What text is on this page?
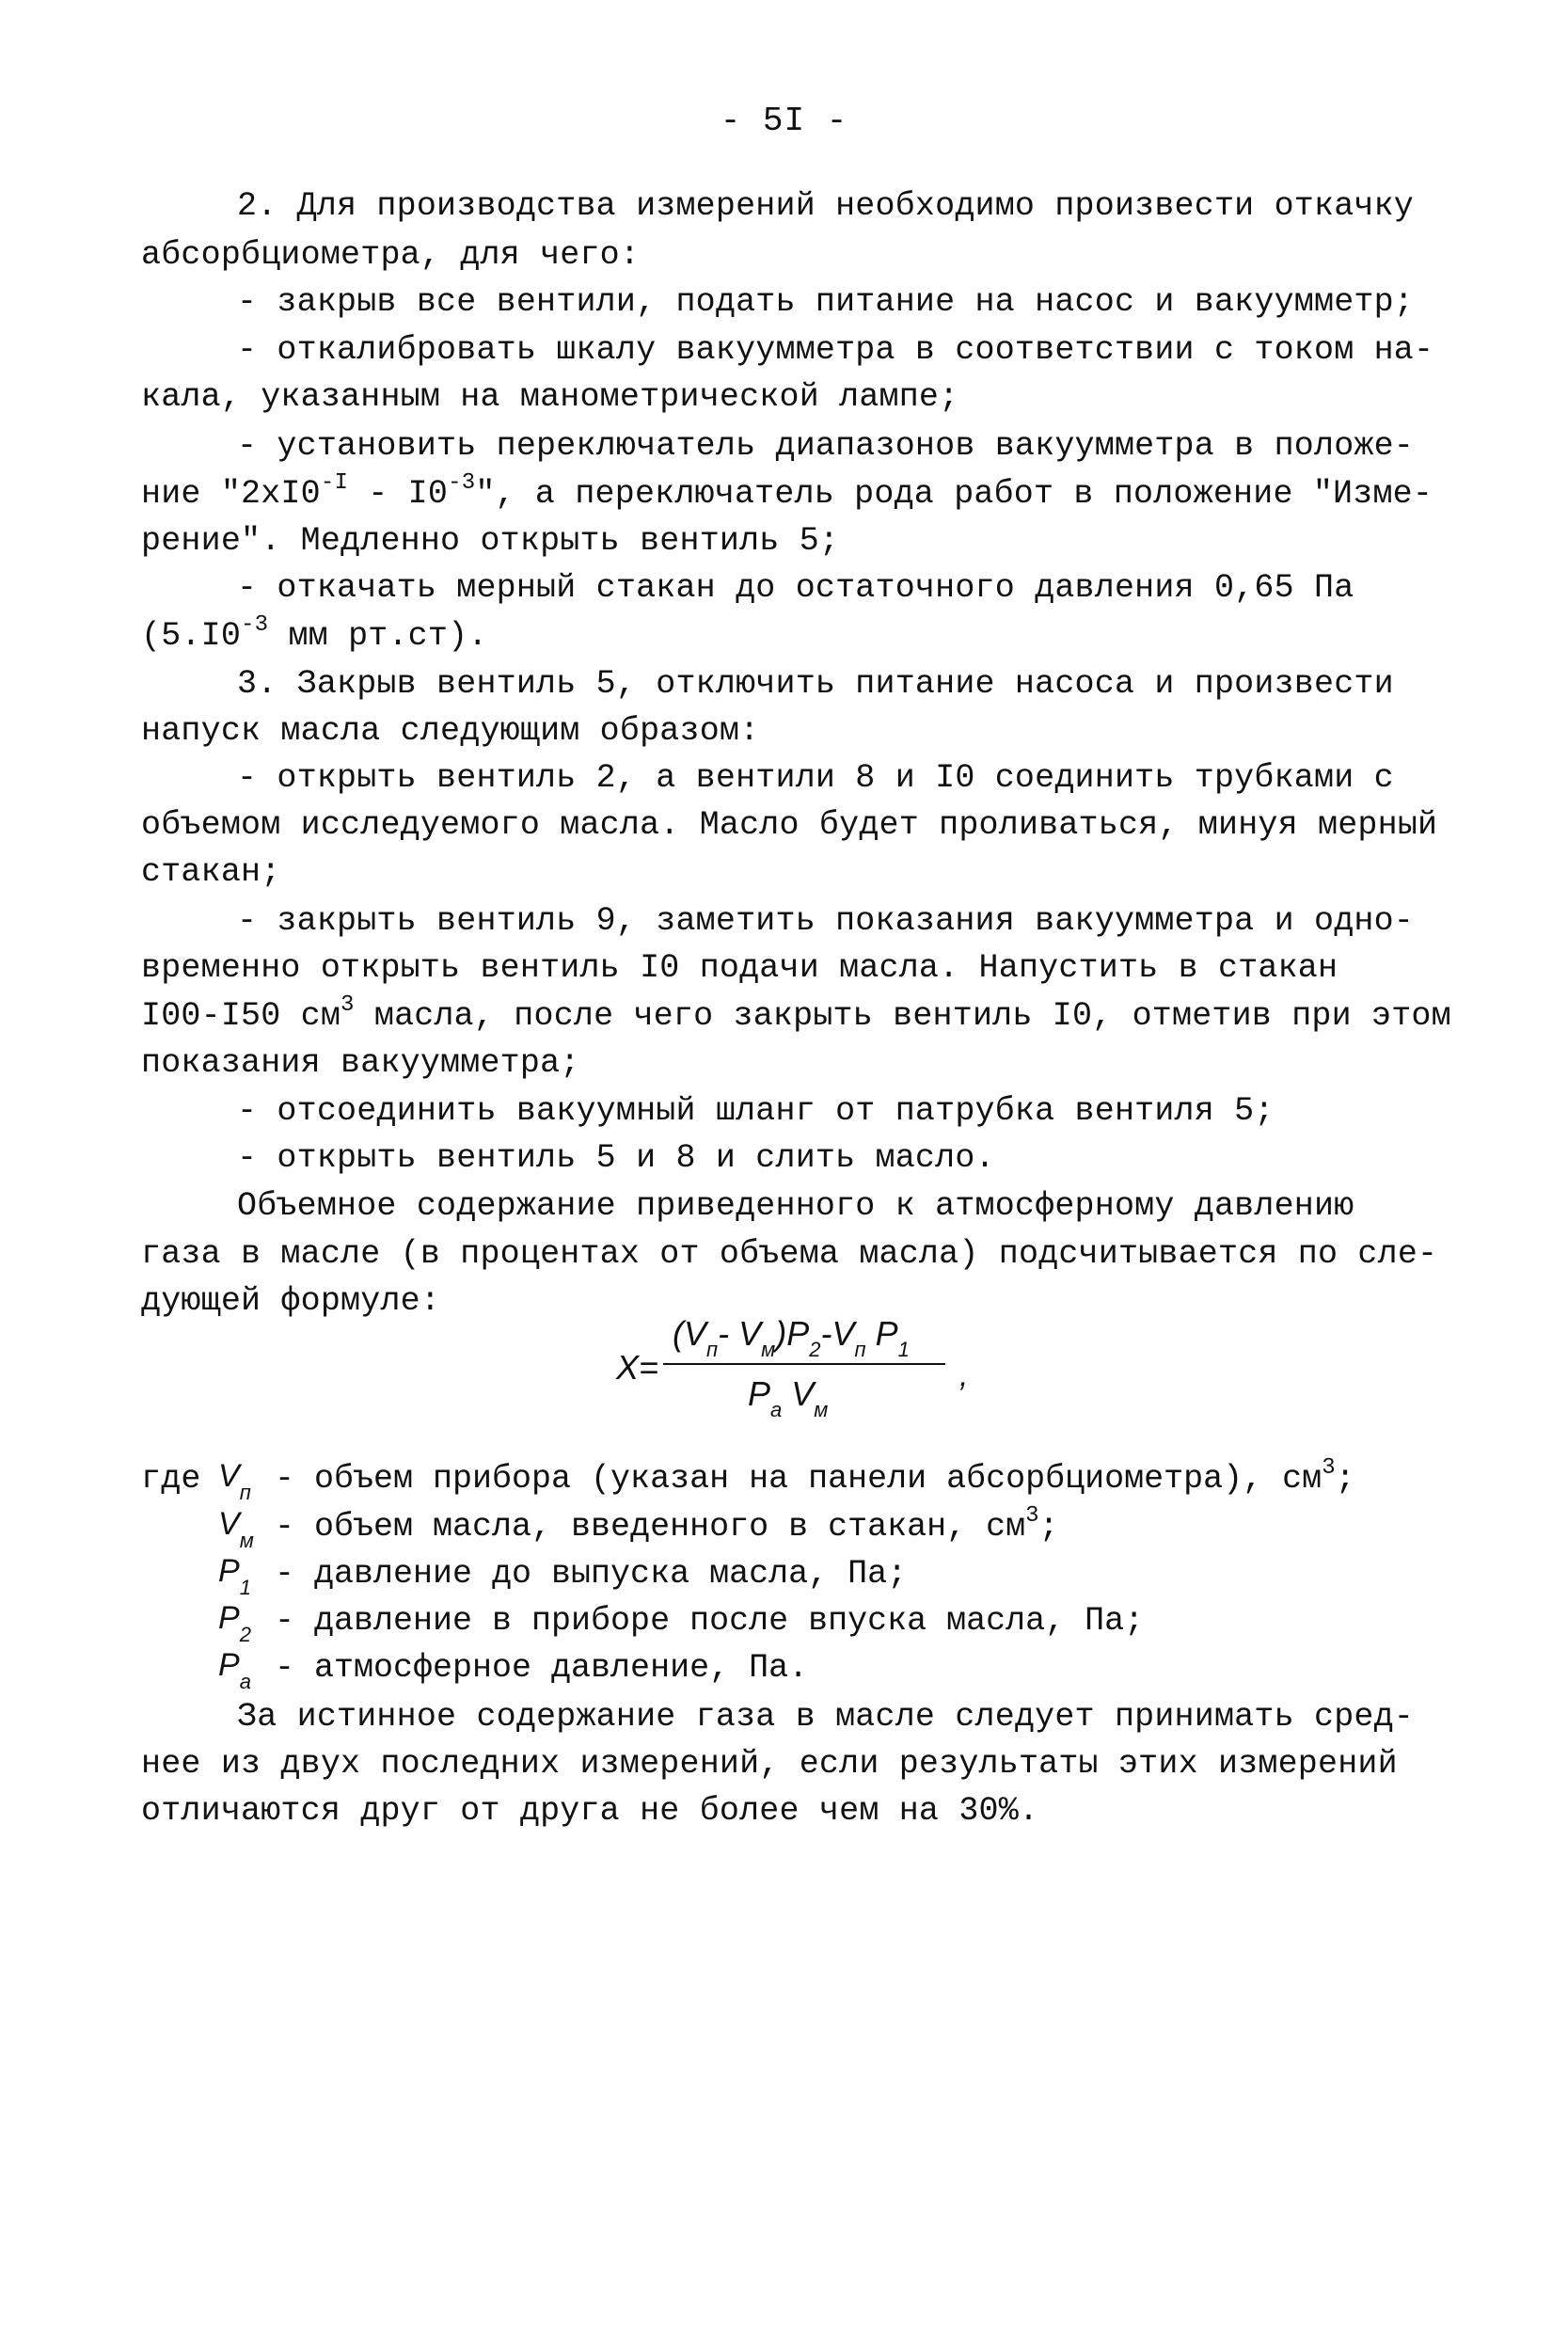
- 5I -
2. Для производства измерений необходимо произвести откачку
абсорбциометра, для чего:
- закрыв все вентили, подать питание на насос и вакуумметр;
- откалибровать шкалу вакуумметра в соответствии с током на-
кала, указанным на манометрической лампе;
- установить переключатель диапазонов вакуумметра в положе-
ние "$2хI0^{-I} - I0^{-3}$", а переключатель рода работ в положение "Изме-
рение". Медленно открыть вентиль 5;
- откачать мерный стакан до остаточного давления 0,65 Па
($5.I0^{-3}$ мм рт.ст).
3. Закрыв вентиль 5, отключить питание насоса и произвести
напуск масла следующим образом:
- открыть вентиль 2, а вентили 8 и I0 соединить трубками с
объемом исследуемого масла. Масло будет проливаться, минуя мерный
стакан;
- закрыть вентиль 9, заметить показания вакуумметра и одно-
временно открыть вентиль I0 подачи масла. Напустить в стакан
I00-I50 $см^3$ масла, после чего закрыть вентиль I0, отметив при этом
показания вакуумметра;
- отсоединить вакуумный шланг от патрубка вентиля 5;
- открыть вентиль 5 и 8 и слить масло.
Объемное содержание приведенного к атмосферному давлению
газа в масле (в процентах от объема масла) подсчитывается по сле-
дующей формуле:
X=
($V_п-$ $V_м)P_2-V_п$ $P_1$
$P_a$ $V_м$
,
где $V_п$ - объем прибора (указан на панели абсорбциометра), $см^3$;
$V_м$ - объем масла, введенного в стакан, $см^3$;
$P_1$ - давление до выпуска масла, Па;
$P_2$ - давление в приборе после впуска масла, Па;
$P_a$ - атмосферное давление, Па.
За истинное содержание газа в масле следует принимать сред-
нее из двух последних измерений, если результаты этих измерений
отличаются друг от друга не более чем на 30%.
